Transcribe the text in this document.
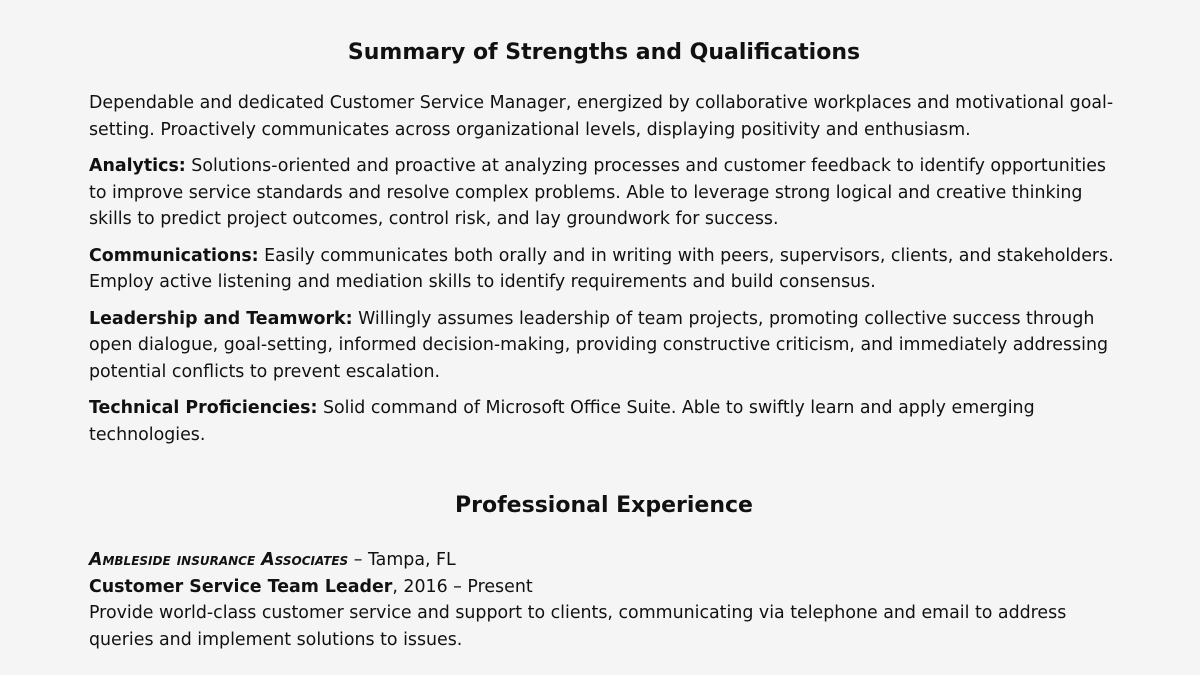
Summary of Strengths and Qualifications

Dependable and dedicated Customer Service Manager, energized by collaborative workplaces and motivational goal-setting. Proactively communicates across organizational levels, displaying positivity and enthusiasm.

Analytics: Solutions-oriented and proactive at analyzing processes and customer feedback to identify opportunities to improve service standards and resolve complex problems. Able to leverage strong logical and creative thinking skills to predict project outcomes, control risk, and lay groundwork for success.

Communications: Easily communicates both orally and in writing with peers, supervisors, clients, and stakeholders. Employ active listening and mediation skills to identify requirements and build consensus.

Leadership and Teamwork: Willingly assumes leadership of team projects, promoting collective success through open dialogue, goal-setting, informed decision-making, providing constructive criticism, and immediately addressing potential conflicts to prevent escalation.

Technical Proficiencies: Solid command of Microsoft Office Suite. Able to swiftly learn and apply emerging technologies.

Professional Experience

Ambleside insurance Associates – Tampa, FL

Customer Service Team Leader, 2016 – Present

Provide world-class customer service and support to clients, communicating via telephone and email to address queries and implement solutions to issues.
